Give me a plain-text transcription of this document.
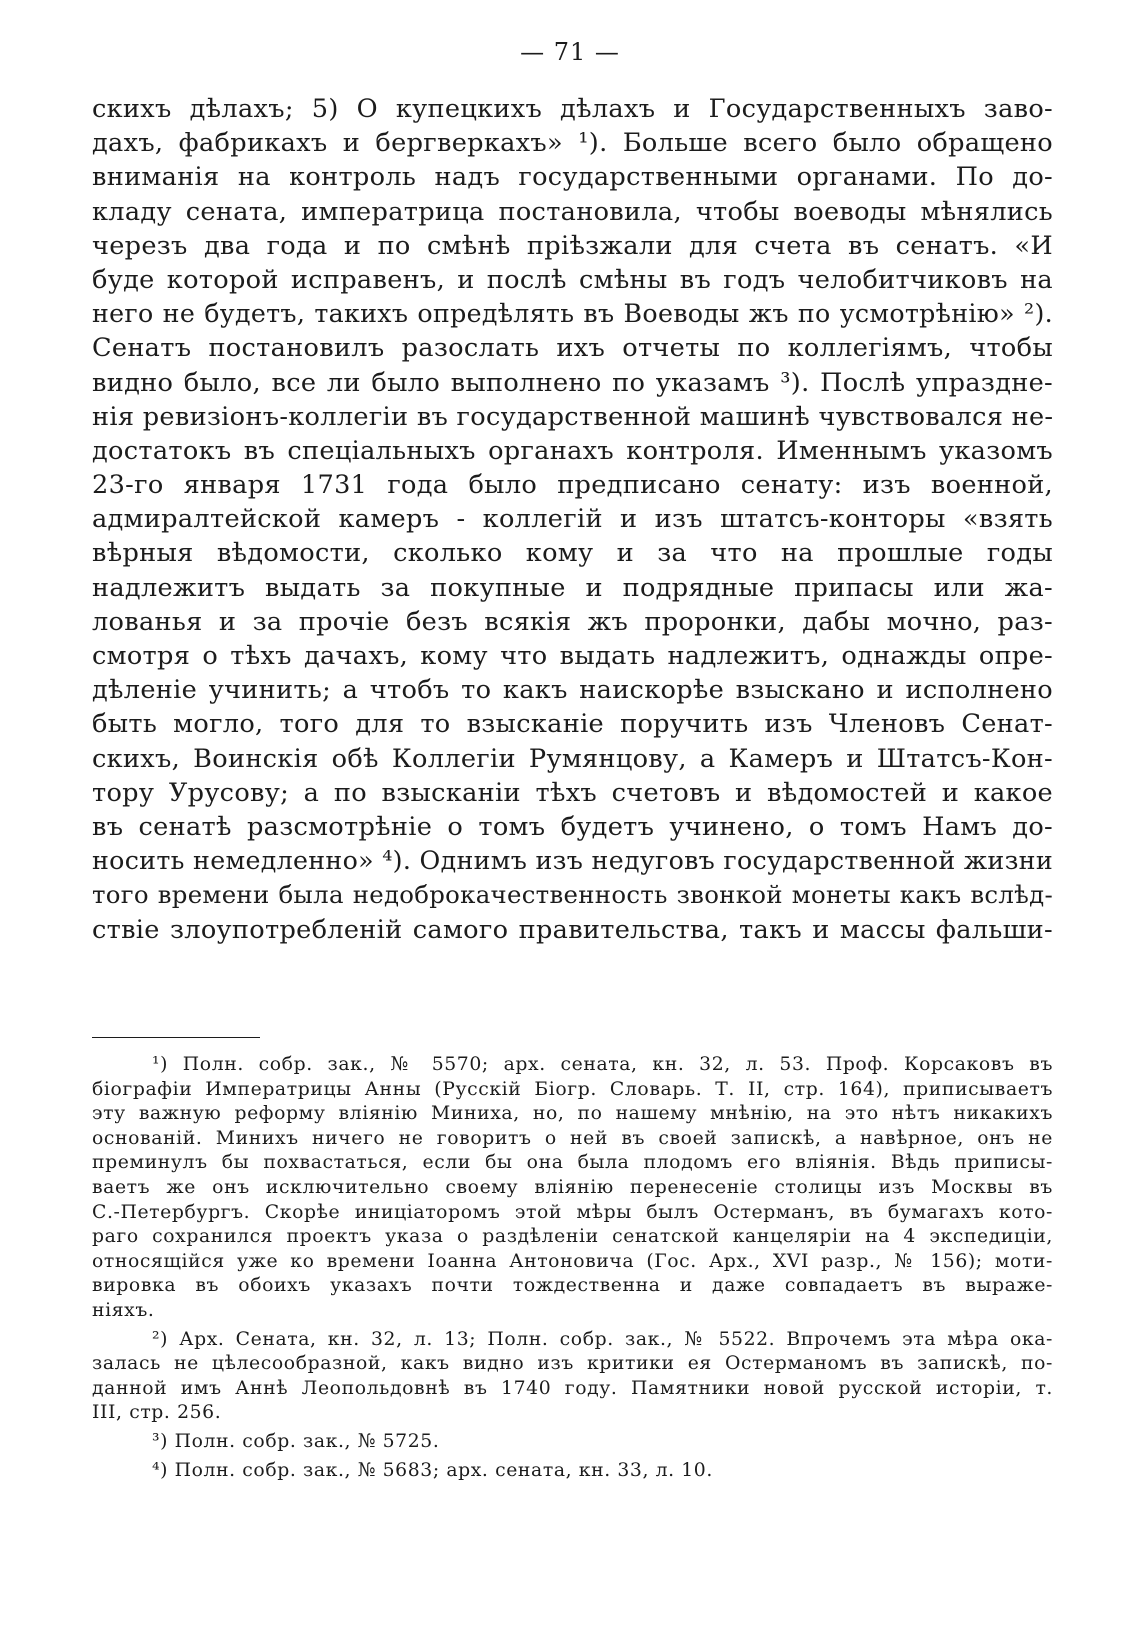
— 71 —
скихъ дѣлахъ; 5) О купецкихъ дѣлахъ и Государственныхъ заво-
дахъ, фабрикахъ и бергверкахъ» ¹). Больше всего было обращено
вниманія на контроль надъ государственными органами. По до-
кладу сената, императрица постановила, чтобы воеводы мѣнялись
черезъ два года и по смѣнѣ пріѣзжали для счета въ сенатъ. «И
буде которой исправенъ, и послѣ смѣны въ годъ челобитчиковъ на
него не будетъ, такихъ опредѣлять въ Воеводы жъ по усмотрѣнію» ²).
Сенатъ постановилъ разослать ихъ отчеты по коллегіямъ, чтобы
видно было, все ли было выполнено по указамъ ³). Послѣ упраздне-
нія ревизіонъ-коллегіи въ государственной машинѣ чувствовался не-
достатокъ въ спеціальныхъ органахъ контроля. Именнымъ указомъ
23-го января 1731 года было предписано сенату: изъ военной,
адмиралтейской камеръ - коллегій и изъ штатсъ-конторы «взять
вѣрныя вѣдомости, сколько кому и за что на прошлые годы
надлежитъ выдать за покупные и подрядные припасы или жа-
лованья и за прочіе безъ всякія жъ проронки, дабы мочно, раз-
смотря о тѣхъ дачахъ, кому что выдать надлежитъ, однажды опре-
дѣленіе учинить; а чтобъ то какъ наискорѣе взыскано и исполнено
быть могло, того для то взысканіе поручить изъ Членовъ Сенат-
скихъ, Воинскія обѣ Коллегіи Румянцову, а Камеръ и Штатсъ-Кон-
тору Урусову; а по взысканіи тѣхъ счетовъ и вѣдомостей и какое
въ сенатѣ разсмотрѣніе о томъ будетъ учинено, о томъ Намъ до-
носить немедленно» ⁴). Однимъ изъ недуговъ государственной жизни
того времени была недоброкачественность звонкой монеты какъ вслѣд-
ствіе злоупотребленій самого правительства, такъ и массы фальши-
¹) Полн. собр. зак., № 5570; арх. сената, кн. 32, л. 53. Проф. Корсаковъ въ
біографіи Императрицы Анны (Русскій Біогр. Словарь. Т. II, стр. 164), приписываетъ
эту важную реформу вліянію Миниха, но, по нашему мнѣнію, на это нѣтъ никакихъ
основаній. Минихъ ничего не говоритъ о ней въ своей запискѣ, а навѣрное, онъ не
преминулъ бы похвастаться, если бы она была плодомъ его вліянія. Вѣдь приписы-
ваетъ же онъ исключительно своему вліянію перенесеніе столицы изъ Москвы въ
С.-Петербургъ. Скорѣе иниціаторомъ этой мѣры былъ Остерманъ, въ бумагахъ кото-
раго сохранился проектъ указа о раздѣленіи сенатской канцеляріи на 4 экспедиціи,
относящійся уже ко времени Іоанна Антоновича (Гос. Арх., XVI разр., № 156); моти-
вировка въ обоихъ указахъ почти тождественна и даже совпадаетъ въ выраже-
ніяхъ.
²) Арх. Сената, кн. 32, л. 13; Полн. собр. зак., № 5522. Впрочемъ эта мѣра ока-
залась не цѣлесообразной, какъ видно изъ критики ея Остерманомъ въ запискѣ, по-
данной имъ Аннѣ Леопольдовнѣ въ 1740 году. Памятники новой русской исторіи, т.
III, стр. 256.
³) Полн. собр. зак., № 5725.
⁴) Полн. собр. зак., № 5683; арх. сената, кн. 33, л. 10.
